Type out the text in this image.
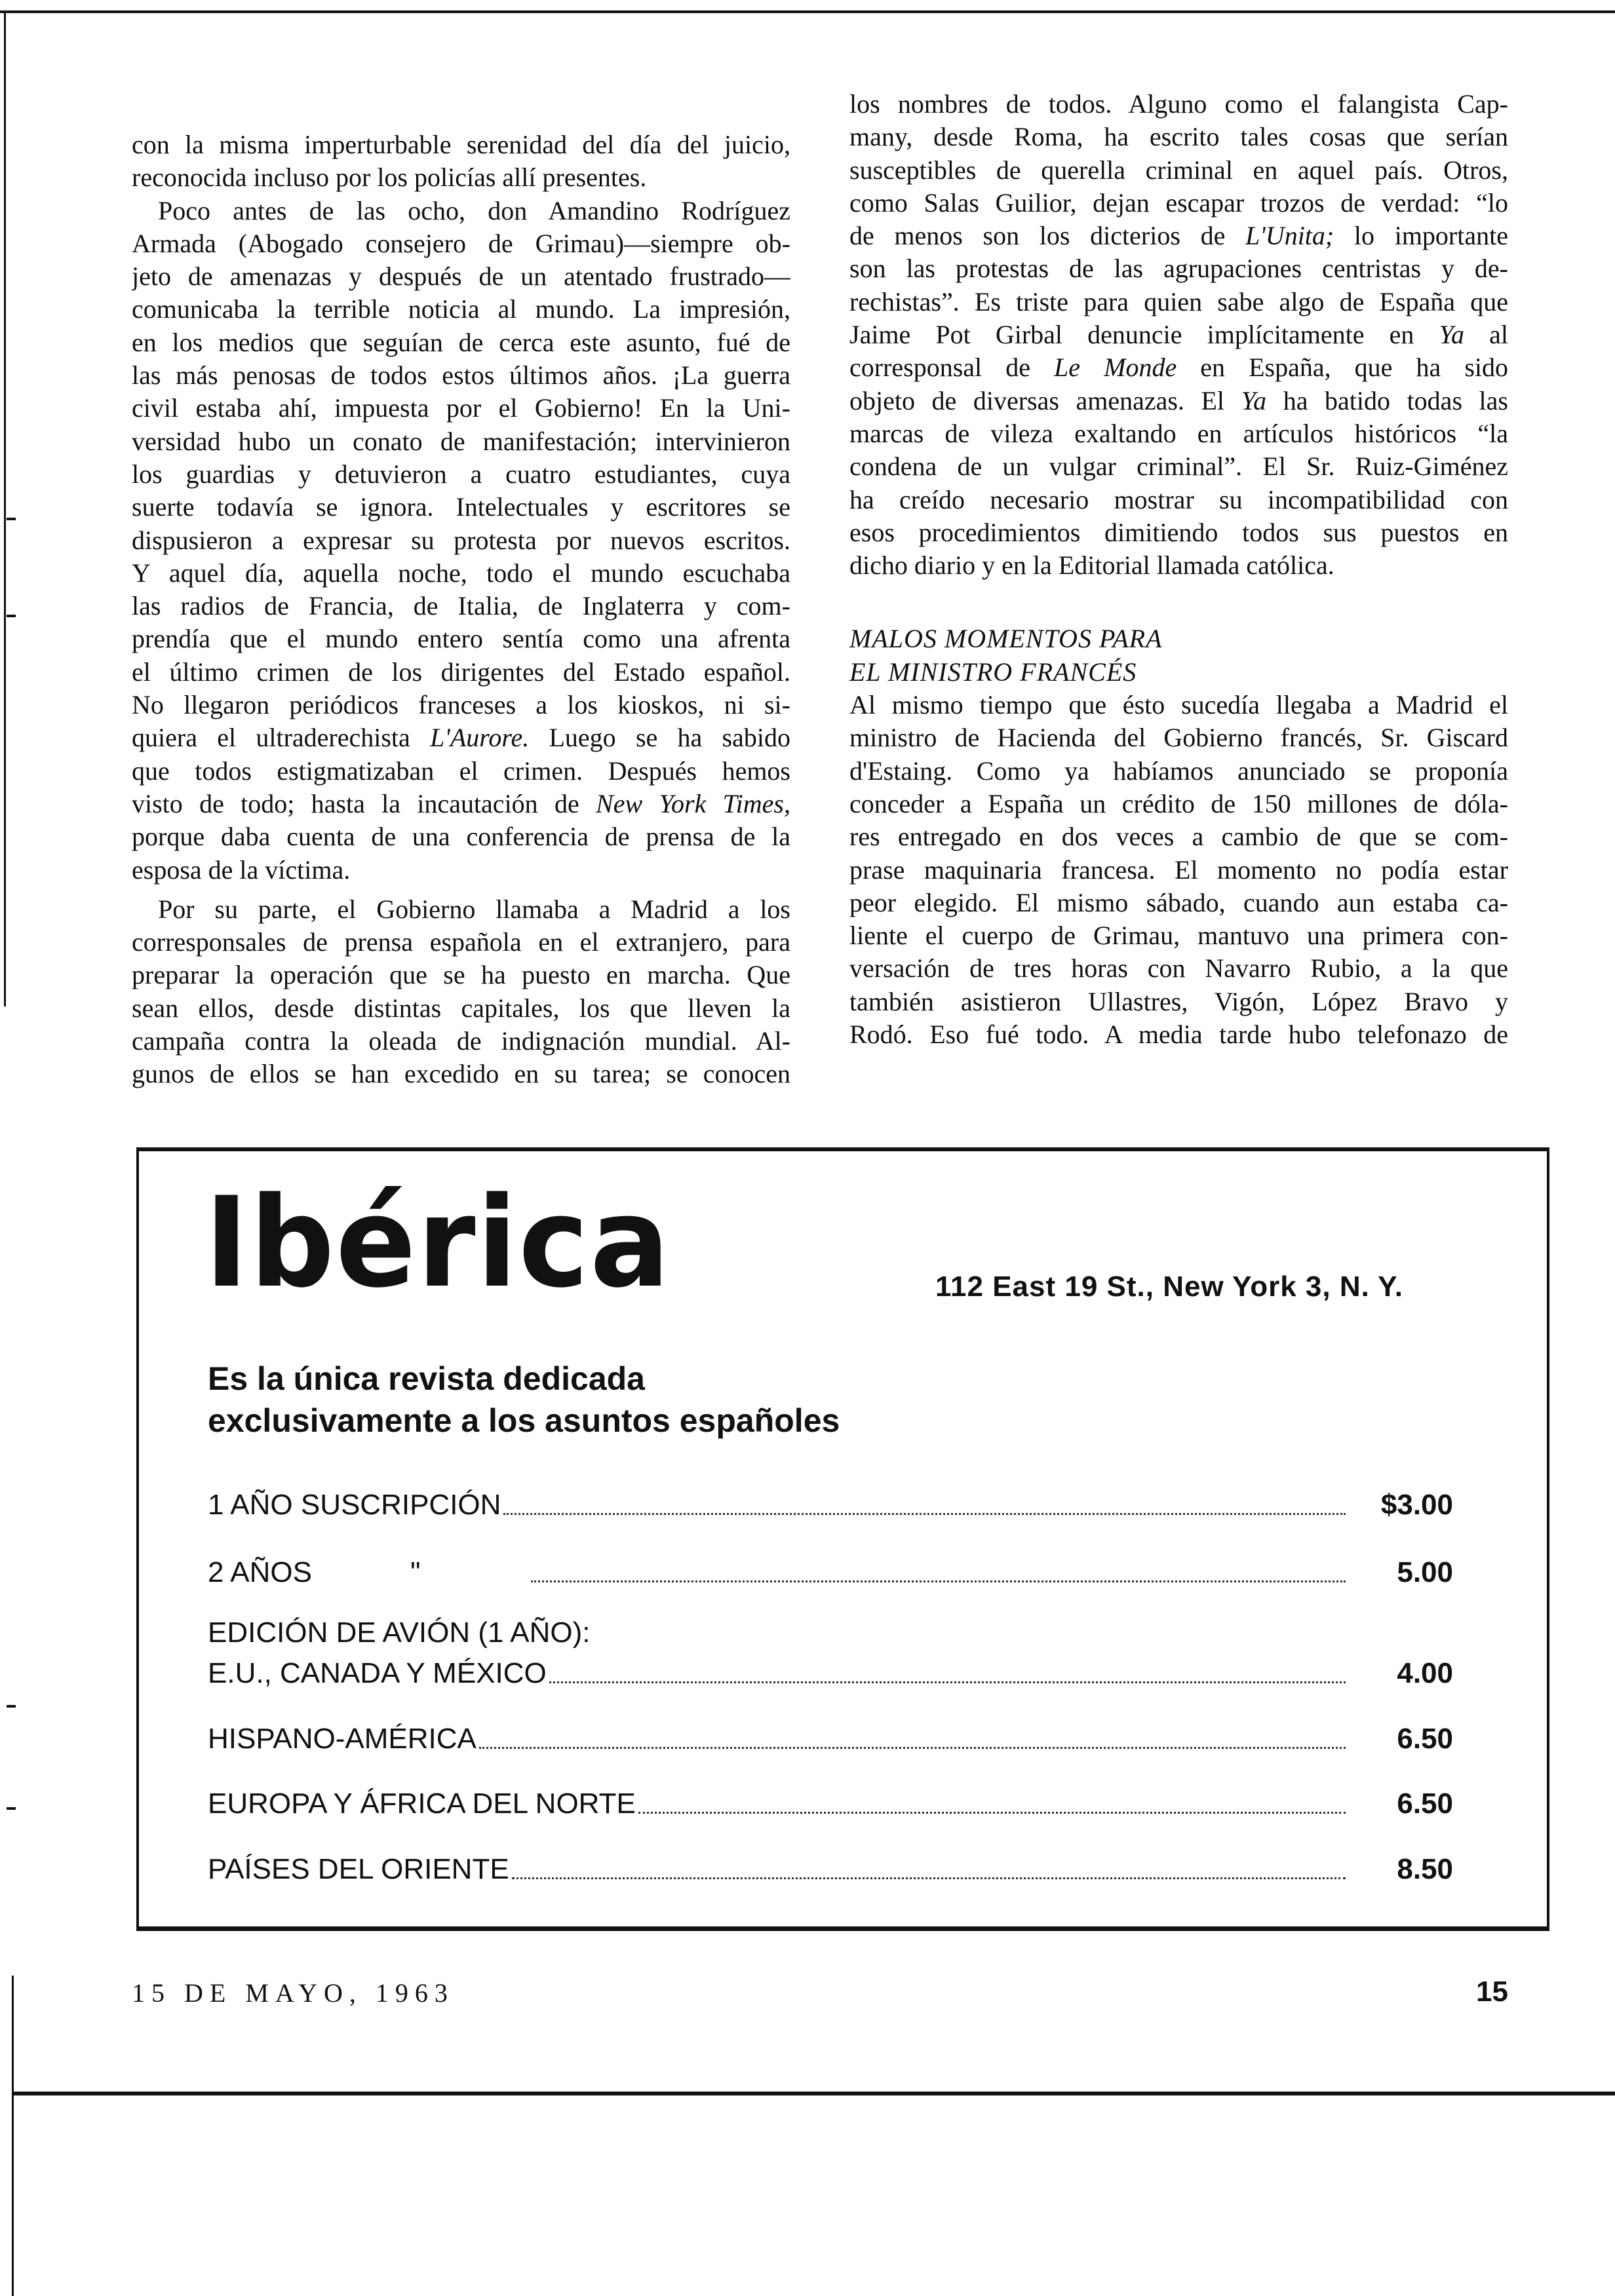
con la misma imperturbable serenidad del día del juicio,
reconocida incluso por los policías allí presentes.
Poco antes de las ocho, don Amandino Rodríguez
Armada (Abogado consejero de Grimau)—siempre ob-
jeto de amenazas y después de un atentado frustrado—
comunicaba la terrible noticia al mundo. La impresión,
en los medios que seguían de cerca este asunto, fué de
las más penosas de todos estos últimos años. ¡La guerra
civil estaba ahí, impuesta por el Gobierno! En la Uni-
versidad hubo un conato de manifestación; intervinieron
los guardias y detuvieron a cuatro estudiantes, cuya
suerte todavía se ignora. Intelectuales y escritores se
dispusieron a expresar su protesta por nuevos escritos.
Y aquel día, aquella noche, todo el mundo escuchaba
las radios de Francia, de Italia, de Inglaterra y com-
prendía que el mundo entero sentía como una afrenta
el último crimen de los dirigentes del Estado español.
No llegaron periódicos franceses a los kioskos, ni si-
quiera el ultraderechista L'Aurore. Luego se ha sabido
que todos estigmatizaban el crimen. Después hemos
visto de todo; hasta la incautación de New York Times,
porque daba cuenta de una conferencia de prensa de la
esposa de la víctima.
Por su parte, el Gobierno llamaba a Madrid a los
corresponsales de prensa española en el extranjero, para
preparar la operación que se ha puesto en marcha. Que
sean ellos, desde distintas capitales, los que lleven la
campaña contra la oleada de indignación mundial. Al-
gunos de ellos se han excedido en su tarea; se conocen
los nombres de todos. Alguno como el falangista Cap-
many, desde Roma, ha escrito tales cosas que serían
susceptibles de querella criminal en aquel país. Otros,
como Salas Guilior, dejan escapar trozos de verdad: “lo
de menos son los dicterios de L'Unita; lo importante
son las protestas de las agrupaciones centristas y de-
rechistas”. Es triste para quien sabe algo de España que
Jaime Pot Girbal denuncie implícitamente en Ya al
corresponsal de Le Monde en España, que ha sido
objeto de diversas amenazas. El Ya ha batido todas las
marcas de vileza exaltando en artículos históricos “la
condena de un vulgar criminal”. El Sr. Ruiz-Giménez
ha creído necesario mostrar su incompatibilidad con
esos procedimientos dimitiendo todos sus puestos en
dicho diario y en la Editorial llamada católica.
MALOS MOMENTOS PARA
EL MINISTRO FRANCÉS
Al mismo tiempo que ésto sucedía llegaba a Madrid el
ministro de Hacienda del Gobierno francés, Sr. Giscard
d'Estaing. Como ya habíamos anunciado se proponía
conceder a España un crédito de 150 millones de dóla-
res entregado en dos veces a cambio de que se com-
prase maquinaria francesa. El momento no podía estar
peor elegido. El mismo sábado, cuando aun estaba ca-
liente el cuerpo de Grimau, mantuvo una primera con-
versación de tres horas con Navarro Rubio, a la que
también asistieron Ullastres, Vigón, López Bravo y
Rodó. Eso fué todo. A media tarde hubo telefonazo de
Ibérica	112 East 19 St., New York 3, N. Y.
Es la única revista dedicada
exclusivamente a los asuntos españoles
1 AÑO SUSCRIPCIÓN	$3.00
2 AÑOS	"	5.00
EDICIÓN DE AVIÓN (1 AÑO):
E.U., CANADA Y MÉXICO	4.00
HISPANO-AMÉRICA	6.50
EUROPA Y ÁFRICA DEL NORTE	6.50
PAÍSES DEL ORIENTE	8.50
15 DE MAYO, 1963	15
